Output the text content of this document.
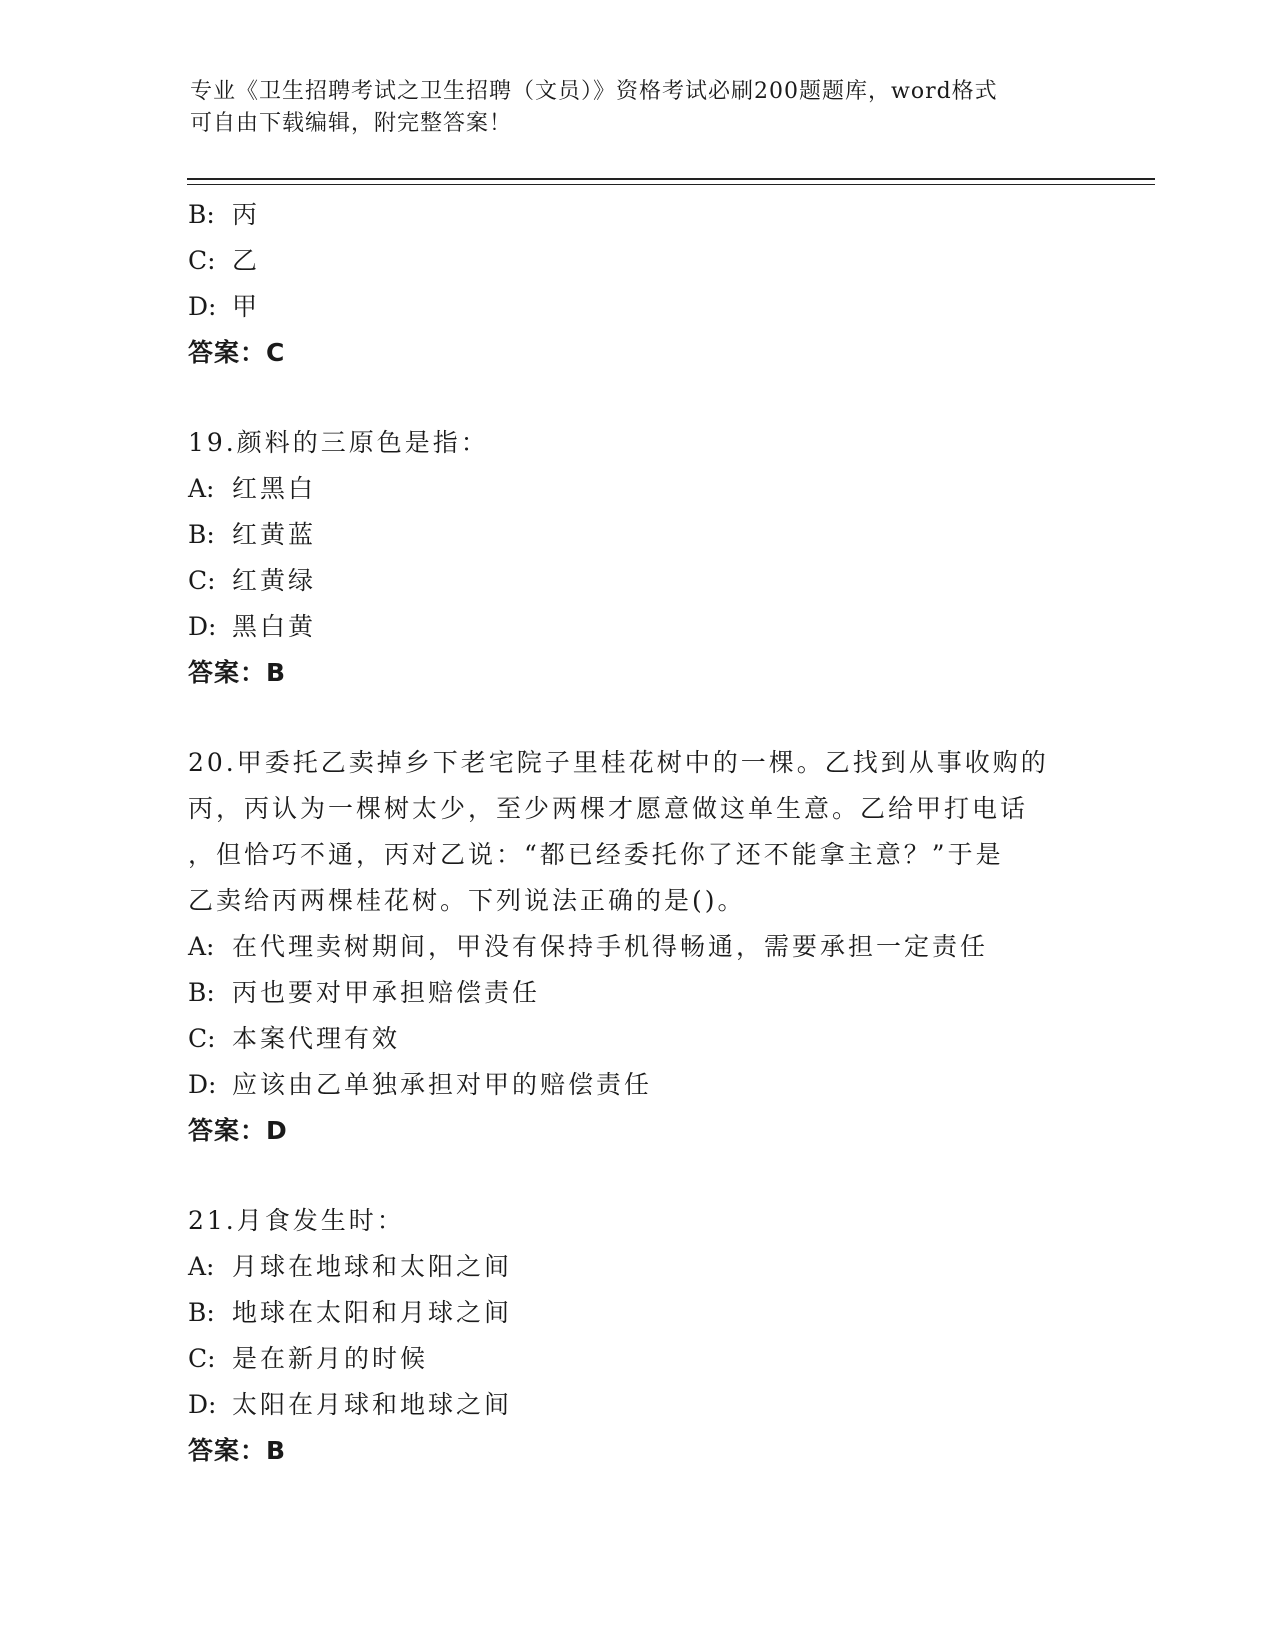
专业《卫生招聘考试之卫生招聘（文员）》资格考试必刷200题题库，word格式
可自由下载编辑，附完整答案！
B: 丙
C: 乙
D: 甲
答案：C
19.颜料的三原色是指：
A: 红黑白
B: 红黄蓝
C: 红黄绿
D: 黑白黄
答案：B
20.甲委托乙卖掉乡下老宅院子里桂花树中的一棵。乙找到从事收购的
丙，丙认为一棵树太少，至少两棵才愿意做这单生意。乙给甲打电话
，但恰巧不通，丙对乙说：“都已经委托你了还不能拿主意？”于是
乙卖给丙两棵桂花树。下列说法正确的是()。
A: 在代理卖树期间，甲没有保持手机得畅通，需要承担一定责任
B: 丙也要对甲承担赔偿责任
C: 本案代理有效
D: 应该由乙单独承担对甲的赔偿责任
答案：D
21.月食发生时：
A: 月球在地球和太阳之间
B: 地球在太阳和月球之间
C: 是在新月的时候
D: 太阳在月球和地球之间
答案：B
